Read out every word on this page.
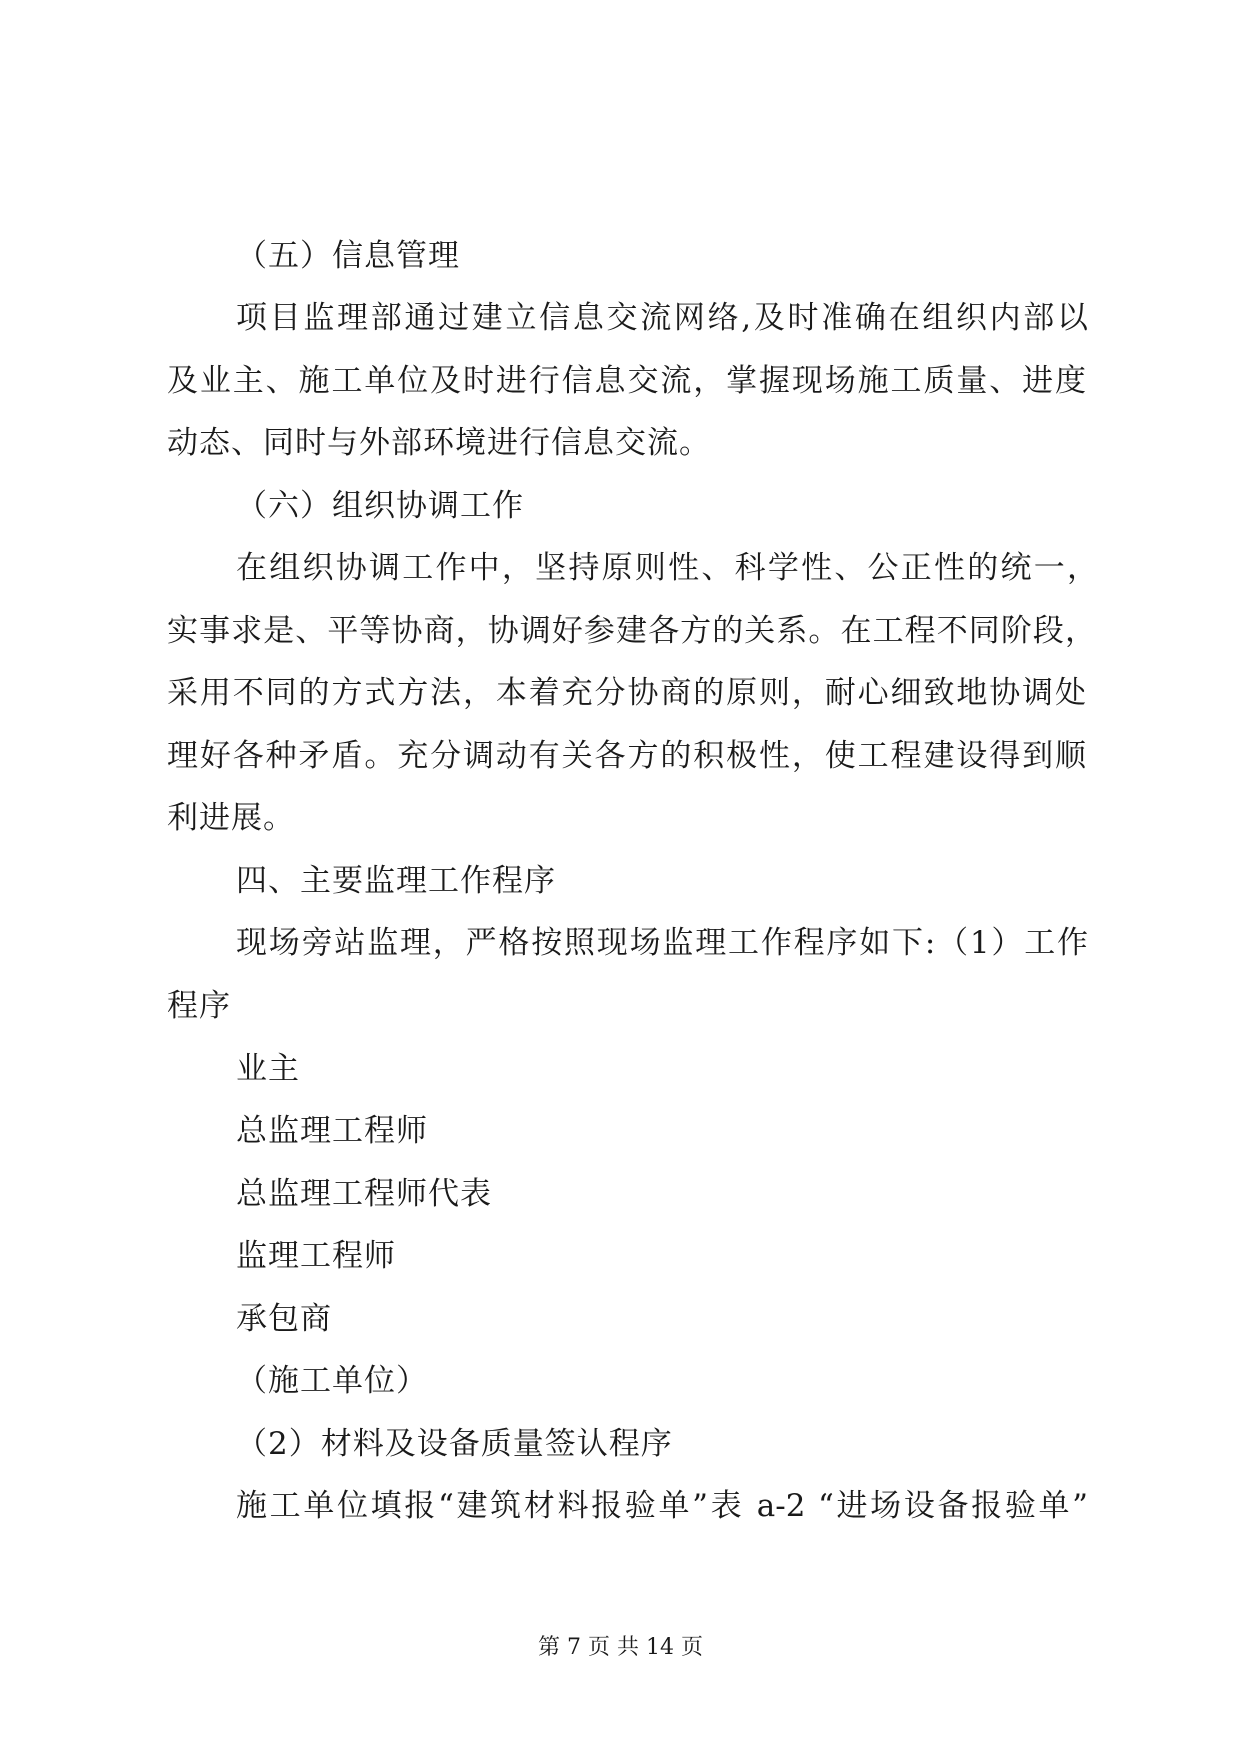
（五）信息管理
项目监理部通过建立信息交流网络,及时准确在组织内部以
及业主、施工单位及时进行信息交流，掌握现场施工质量、进度
动态、同时与外部环境进行信息交流。
（六）组织协调工作
在组织协调工作中，坚持原则性、科学性、公正性的统一，
实事求是、平等协商，协调好参建各方的关系。在工程不同阶段，
采用不同的方式方法，本着充分协商的原则，耐心细致地协调处
理好各种矛盾。充分调动有关各方的积极性，使工程建设得到顺
利进展。
四、主要监理工作程序
现场旁站监理，严格按照现场监理工作程序如下:（1）工作
程序
业主
总监理工程师
总监理工程师代表
监理工程师
承包商
（施工单位）
（2）材料及设备质量签认程序
施工单位填报“建筑材料报验单”表 a-2 “进场设备报验单”
第 7 页 共 14 页
